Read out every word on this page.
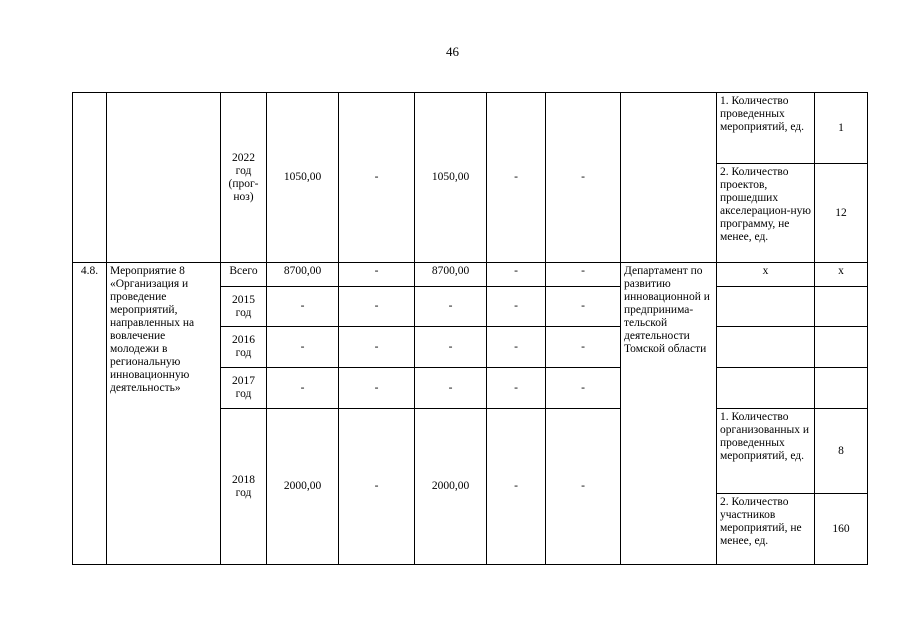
46
		2022 год (прог-ноз)	1050,00	-	1050,00	-	-		1. Количество проведенных мероприятий, ед.	1
									2. Количество проектов, прошедших акселерацион-ную программу, не менее, ед.	12
4.8.	Мероприятие 8 «Организация и проведение мероприятий, направленных на вовлечение молодежи в региональную инновационную деятельность»	Всего	8700,00	-	8700,00	-	-	Департамент по развитию инновационной и предпринима-тельской деятельности Томской области	х	х
		2015 год	-	-	-	-	-			
		2016 год	-	-	-	-	-			
		2017 год	-	-	-	-	-			
		2018 год	2000,00	-	2000,00	-	-		1. Количество организованных и проведенных мероприятий, ед.	8
									2. Количество участников мероприятий, не менее, ед.	160
